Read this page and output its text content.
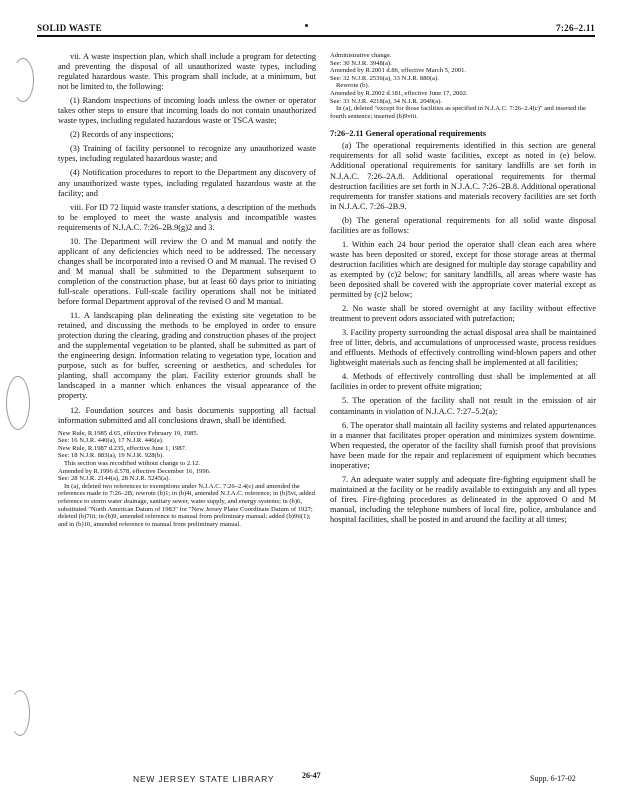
SOLID WASTE	7:26–2.11

vii. A waste inspection plan, which shall include a program for detecting and preventing the disposal of all unauthorized waste types, including regulated hazardous waste. This program shall include, at a minimum, but not be limited to, the following:

(1) Random inspections of incoming loads unless the owner or operator takes other steps to ensure that incoming loads do not contain unauthorized waste types, including regulated hazardous waste or TSCA waste;

(2) Records of any inspections;

(3) Training of facility personnel to recognize any unauthorized waste types, including regulated hazardous waste; and

(4) Notification procedures to report to the Department any discovery of any unauthorized waste types, including regulated hazardous waste at the facility; and

viii. For ID 72 liquid waste transfer stations, a description of the methods to be employed to meet the waste analysis and incompatible wastes requirements of N.J.A.C. 7:26–2B.9(g)2 and 3.

10. The Department will review the O and M manual and notify the applicant of any deficiencies which need to be addressed. The necessary changes shall be incorporated into a revised O and M manual. The revised O and M manual shall be submitted to the Department subsequent to completion of the construction phase, but at least 60 days prior to initiating full-scale operations. Full-scale facility operations shall not be initiated before formal Department approval of the revised O and M manual.

11. A landscaping plan delineating the existing site vegetation to be retained, and discussing the methods to be employed in order to ensure protection during the clearing, grading and construction phases of the project and the supplemental vegetation to be planted, shall be submitted as part of the engineering design. Information relating to vegetation type, location and purpose, such as for buffer, screening or aesthetics, and schedules for planting, shall accompany the plan. Facility exterior grounds shall be landscaped in a manner which enhances the visual appearance of the property.

12. Foundation sources and basis documents supporting all factual information submitted and all conclusions drawn, shall be identified.

New Rule, R.1985 d.65, effective February 19, 1985.

See: 16 N.J.R. 440(a), 17 N.J.R. 446(a).

New Rule, R.1987 d.235, effective June 1, 1987.

See: 18 N.J.R. 883(a), 19 N.J.R. 928(b).

This section was recodified without change to 2.12.

Amended by R.1996 d.578, effective December 16, 1996.

See: 28 N.J.R. 2144(a), 28 N.J.R. 5245(a).

In (a), deleted two references to exemptions under N.J.A.C. 7:26–2.4(c) and amended the references made to 7:26–2B; rewrote (b)1; in (b)4i, amended N.J.A.C. reference; in (b)5vi, added reference to storm water drainage, sanitary sewer, water supply, and energy systems; in (b)6, substituted "North American Datum of 1983" for "New Jersey Plane Coordinate Datum of 1927; deleted (b)7iii; in (b)9, amended reference to manual from preliminary manual; added (b)9ii(1); and in (b)10, amended reference to manual from preliminary manual.

Administrative change.

See: 30 N.J.R. 3948(a).

Amended by R.2001 d.86, effective March 5, 2001.

See: 32 N.J.R. 2536(a), 33 N.J.R. 880(a).

Rewrote (b).

Amended by R.2002 d.181, effective June 17, 2002.

See: 33 N.J.R. 4218(a), 34 N.J.R. 2049(a).

In (a), deleted "except for those facilities as specified in N.J.A.C. 7:26–2.4(c)" and inserted the fourth sentence; inserted (b)9viii.

7:26–2.11 General operational requirements

(a) The operational requirements identified in this section are general requirements for all solid waste facilities, except as noted in (e) below. Additional operational requirements for sanitary landfills are set forth in N.J.A.C. 7:26–2A.8. Additional operational requirements for thermal destruction facilities are set forth in N.J.A.C. 7:26–2B.8. Additional operational requirements for transfer stations and materials recovery facilities are set forth in N.J.A.C. 7:26–2B.9.

(b) The general operational requirements for all solid waste disposal facilities are as follows:

1. Within each 24 hour period the operator shall clean each area where waste has been deposited or stored, except for those storage areas at thermal destruction facilities which are designed for multiple day storage capability and as exempted by (c)2 below; for sanitary landfills, all areas where waste has been deposited shall be covered with the appropriate cover material except as permitted by (c)2 below;

2. No waste shall be stored overnight at any facility without effective treatment to prevent odors associated with putrefaction;

3. Facility property surrounding the actual disposal area shall be maintained free of litter, debris, and accumulations of unprocessed waste, process residues and effluents. Methods of effectively controlling wind-blown papers and other lightweight materials such as fencing shall be implemented at all facilities;

4. Methods of effectively controlling dust shall be implemented at all facilities in order to prevent offsite migration;

5. The operation of the facility shall not result in the emission of air contaminants in violation of N.J.A.C. 7:27–5.2(a);

6. The operator shall maintain all facility systems and related appurtenances in a manner that facilitates proper operation and minimizes system downtime. When requested, the operator of the facility shall furnish proof that provisions have been made for the repair and replacement of equipment which becomes inoperative;

7. An adequate water supply and adequate fire-fighting equipment shall be maintained at the facility or be readily available to extinguish any and all types of fires. Fire-fighting procedures as delineated in the approved O and M manual, including the telephone numbers of local fire, police, ambulance and hospital facilities, shall be posted in and around the facility at all times;

NEW JERSEY STATE LIBRARY	26-47	Supp. 6-17-02
